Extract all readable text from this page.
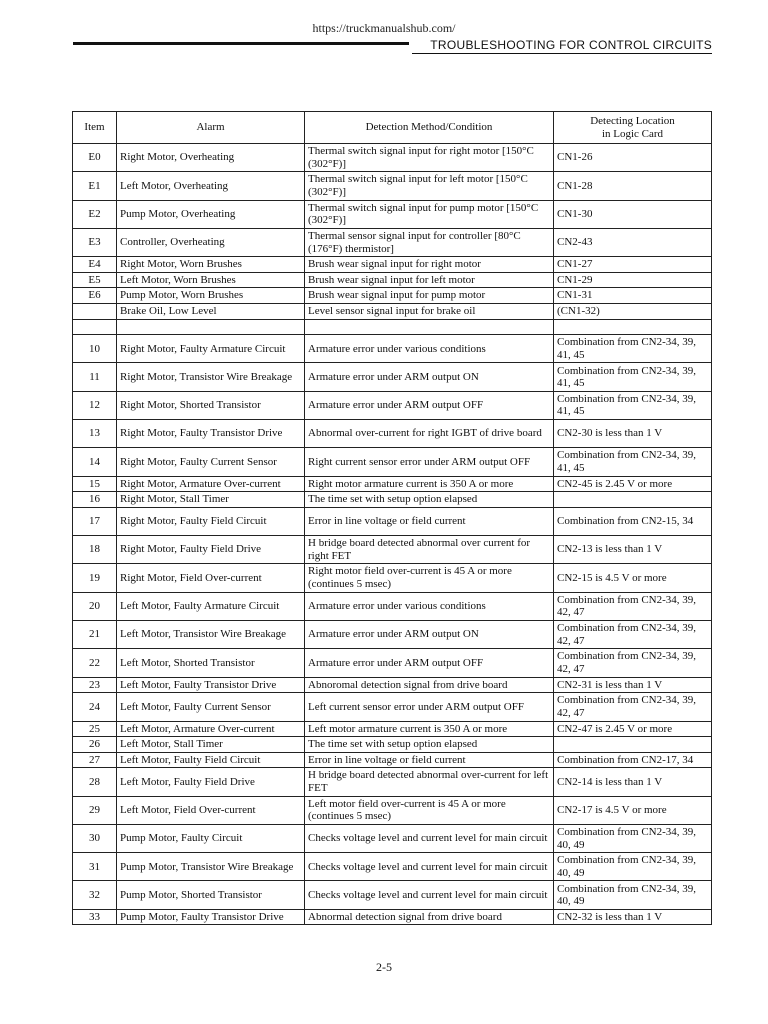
https://truckmanualshub.com/
TROUBLESHOOTING FOR CONTROL CIRCUITS
Item	Alarm	Detection Method/Condition	Detecting Location
in Logic Card

E0	Right Motor, Overheating	Thermal switch signal input for right motor [150°C (302°F)]	CN1-26
E1	Left Motor, Overheating	Thermal switch signal input for left motor [150°C (302°F)]	CN1-28
E2	Pump Motor, Overheating	Thermal switch signal input for pump motor [150°C (302°F)]	CN1-30
E3	Controller, Overheating	Thermal sensor signal input for controller [80°C (176°F) thermistor]	CN2-43
E4	Right Motor, Worn Brushes	Brush wear signal input for right motor	CN1-27
E5	Left Motor, Worn Brushes	Brush wear signal input for left motor	CN1-29
E6	Pump Motor, Worn Brushes	Brush wear signal input for pump motor	CN1-31
	Brake Oil, Low Level	Level sensor signal input for brake oil	(CN1-32)

10	Right Motor, Faulty Armature Circuit	Armature error under various conditions	Combination from CN2-34, 39, 41, 45
11	Right Motor, Transistor Wire Breakage	Armature error under ARM output ON	Combination from CN2-34, 39, 41, 45
12	Right Motor, Shorted Transistor	Armature error under ARM output OFF	Combination from CN2-34, 39, 41, 45
13	Right Motor, Faulty Transistor Drive	Abnormal over-current for right IGBT of drive board	CN2-30 is less than 1 V
14	Right Motor, Faulty Current Sensor	Right current sensor error under ARM output OFF	Combination from CN2-34, 39, 41, 45
15	Right Motor, Armature Over-current	Right motor armature current is 350 A or more	CN2-45 is 2.45 V or more
16	Right Motor, Stall Timer	The time set with setup option elapsed	
17	Right Motor, Faulty Field Circuit	Error in line voltage or field current	Combination from CN2-15, 34
18	Right Motor, Faulty Field Drive	H bridge board detected abnormal over current for right FET	CN2-13 is less than 1 V
19	Right Motor, Field Over-current	Right motor field over-current is 45 A or more (continues 5 msec)	CN2-15 is 4.5 V or more
20	Left Motor, Faulty Armature Circuit	Armature error under various conditions	Combination from CN2-34, 39, 42, 47
21	Left Motor, Transistor Wire Breakage	Armature error under ARM output ON	Combination from CN2-34, 39, 42, 47
22	Left Motor, Shorted Transistor	Armature error under ARM output OFF	Combination from CN2-34, 39, 42, 47
23	Left Motor, Faulty Transistor Drive	Abnoromal detection signal from drive board	CN2-31 is less than 1 V
24	Left Motor, Faulty Current Sensor	Left current sensor error under ARM output OFF	Combination from CN2-34, 39, 42, 47
25	Left Motor, Armature Over-current	Left motor armature current is 350 A or more	CN2-47 is 2.45 V or more
26	Left Motor, Stall Timer	The time set with setup option elapsed	
27	Left Motor, Faulty Field Circuit	Error in line voltage or field current	Combination from CN2-17, 34
28	Left Motor, Faulty Field Drive	H bridge board detected abnormal over-current for left FET	CN2-14 is less than 1 V
29	Left Motor, Field Over-current	Left motor field over-current is 45 A or more (continues 5 msec)	CN2-17 is 4.5 V or more
30	Pump Motor, Faulty Circuit	Checks voltage level and current level for main circuit	Combination from CN2-34, 39, 40, 49
31	Pump Motor, Transistor Wire Breakage	Checks voltage level and current level for main circuit	Combination from CN2-34, 39, 40, 49
32	Pump Motor, Shorted Transistor	Checks voltage level and current level for main circuit	Combination from CN2-34, 39, 40, 49
33	Pump Motor, Faulty Transistor Drive	Abnormal detection signal from drive board	CN2-32 is less than 1 V
2-5
